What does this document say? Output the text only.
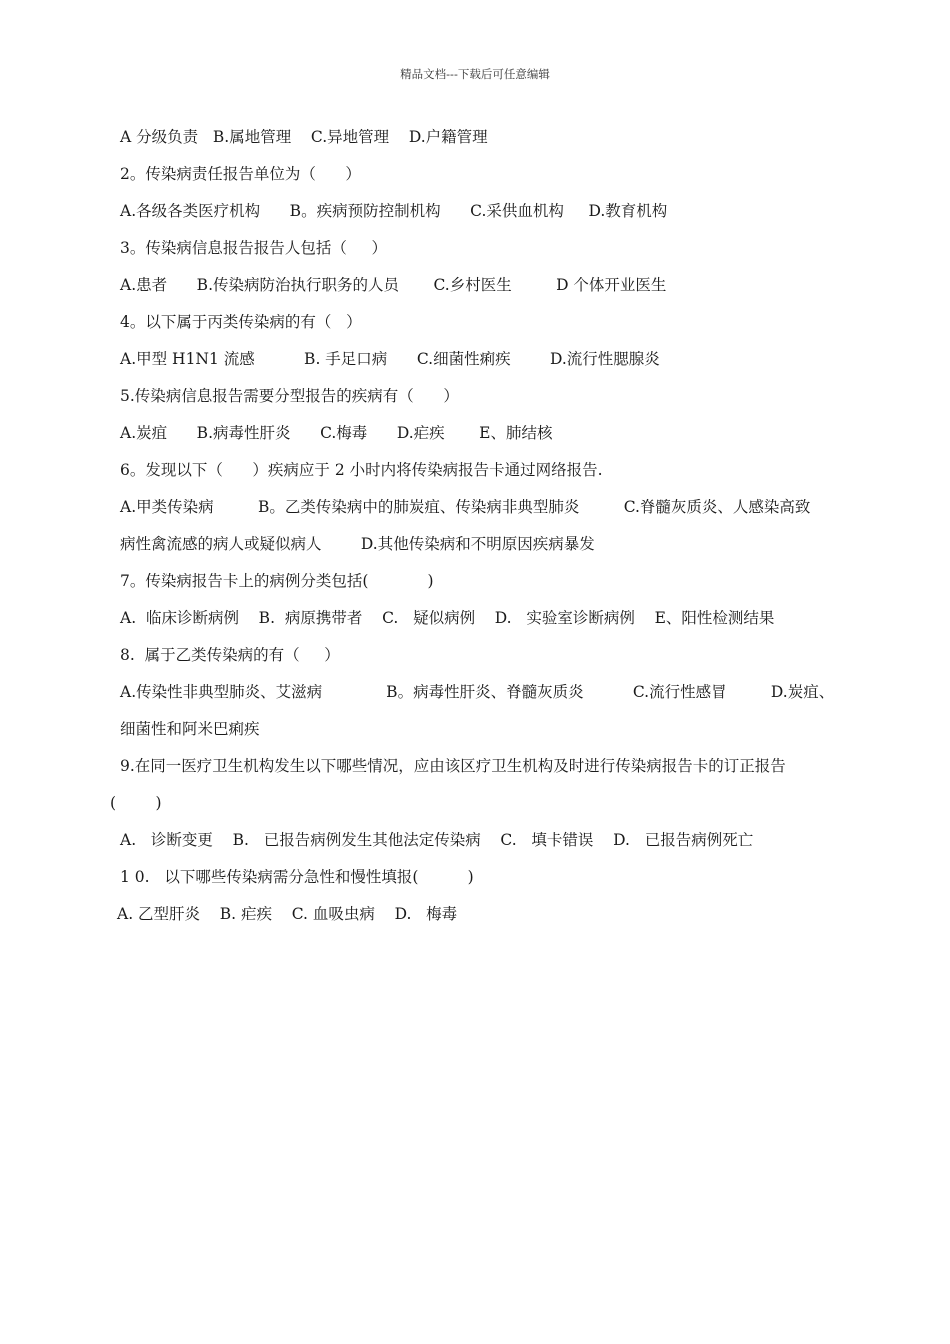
精品文档---下载后可任意编辑
A 分级负责   B.属地管理    C.异地管理    D.户籍管理
2。传染病责任报告单位为（      ）
A.各级各类医疗机构      B。疾病预防控制机构      C.采供血机构     D.教育机构
3。传染病信息报告报告人包括（     ）
A.患者      B.传染病防治执行职务的人员       C.乡村医生         D 个体开业医生
4。以下属于丙类传染病的有（   ）
A.甲型 H1N1 流感          B. 手足口病      C.细菌性痢疾        D.流行性腮腺炎
5.传染病信息报告需要分型报告的疾病有（      ）
A.炭疽      B.病毒性肝炎      C.梅毒      D.疟疾       E、肺结核
6。发现以下（      ）疾病应于 2 小时内将传染病报告卡通过网络报告.
A.甲类传染病         B。乙类传染病中的肺炭疽、传染病非典型肺炎         C.脊髓灰质炎、人感染高致
病性禽流感的病人或疑似病人        D.其他传染病和不明原因疾病暴发
7。传染病报告卡上的病例分类包括(            )
A.  临床诊断病例    B.  病原携带者    C.   疑似病例    D.   实验室诊断病例    E、阳性检测结果
8.  属于乙类传染病的有（     ）
A.传染性非典型肺炎、艾滋病             B。病毒性肝炎、脊髓灰质炎          C.流行性感冒         D.炭疽、
细菌性和阿米巴痢疾
9.在同一医疗卫生机构发生以下哪些情况，应由该区疗卫生机构及时进行传染病报告卡的订正报告
(        )
A.   诊断变更    B.   已报告病例发生其他法定传染病    C.   填卡错误    D.   已报告病例死亡
1 0.   以下哪些传染病需分急性和慢性填报(          )
A. 乙型肝炎    B. 疟疾    C. 血吸虫病    D.   梅毒
